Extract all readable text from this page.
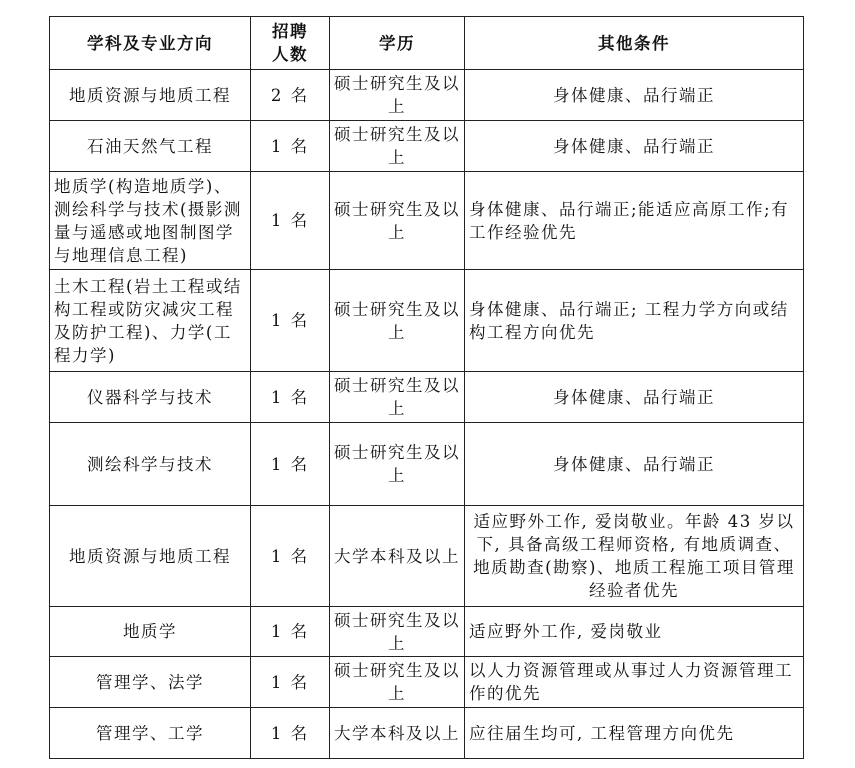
学科及专业方向	招聘人数	学历	其他条件
地质资源与地质工程	2 名	硕士研究生及以上	身体健康、品行端正
石油天然气工程	1 名	硕士研究生及以上	身体健康、品行端正
地质学(构造地质学)、测绘科学与技术(摄影测量与遥感或地图制图学与地理信息工程)	1 名	硕士研究生及以上	身体健康、品行端正;能适应高原工作;有工作经验优先
土木工程(岩土工程或结构工程或防灾减灾工程及防护工程)、力学(工程力学)	1 名	硕士研究生及以上	身体健康、品行端正; 工程力学方向或结构工程方向优先
仪器科学与技术	1 名	硕士研究生及以上	身体健康、品行端正
测绘科学与技术	1 名	硕士研究生及以上	身体健康、品行端正
地质资源与地质工程	1 名	大学本科及以上	适应野外工作, 爱岗敬业。年龄 43 岁以下, 具备高级工程师资格, 有地质调查、地质勘查(勘察)、地质工程施工项目管理经验者优先
地质学	1 名	硕士研究生及以上	适应野外工作, 爱岗敬业
管理学、法学	1 名	硕士研究生及以上	以人力资源管理或从事过人力资源管理工作的优先
管理学、工学	1 名	大学本科及以上	应往届生均可, 工程管理方向优先
